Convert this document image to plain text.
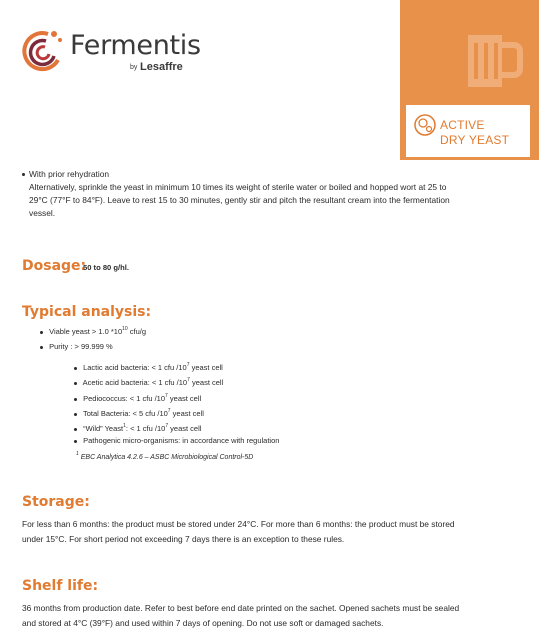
Fermentis
by Lesaffre
ACTIVE
DRY YEAST
With prior rehydration
Alternatively, sprinkle the yeast in minimum 10 times its weight of sterile water or boiled and hopped wort at 25 to
29°C (77°F to 84°F). Leave to rest 15 to 30 minutes, gently stir and pitch the resultant cream into the fermentation
vessel.
Dosage:
50 to 80 g/hl.
Typical analysis:
Viable yeast > 1.0 $*10^{10}$ cfu/g
Purity : > 99.999 %
Lactic acid bacteria: < 1 cfu $/10^7$ yeast cell
Acetic acid bacteria: < 1 cfu $/10^7$ yeast cell
Pediococcus: < 1 cfu $/10^7$ yeast cell
Total Bacteria: < 5 cfu $/10^7$ yeast cell
“Wild” Yeast$^1$: < 1 cfu $/10^7$ yeast cell
Pathogenic micro-organisms: in accordance with regulation
$^1$ EBC Analytica 4.2.6 – ASBC Microbiological Control-5D
Storage:
For less than 6 months: the product must be stored under 24°C. For more than 6 months: the product must be stored
under 15°C. For short period not exceeding 7 days there is an exception to these rules.
Shelf life:
36 months from production date. Refer to best before end date printed on the sachet. Opened sachets must be sealed
and stored at 4°C (39°F) and used within 7 days of opening. Do not use soft or damaged sachets.
